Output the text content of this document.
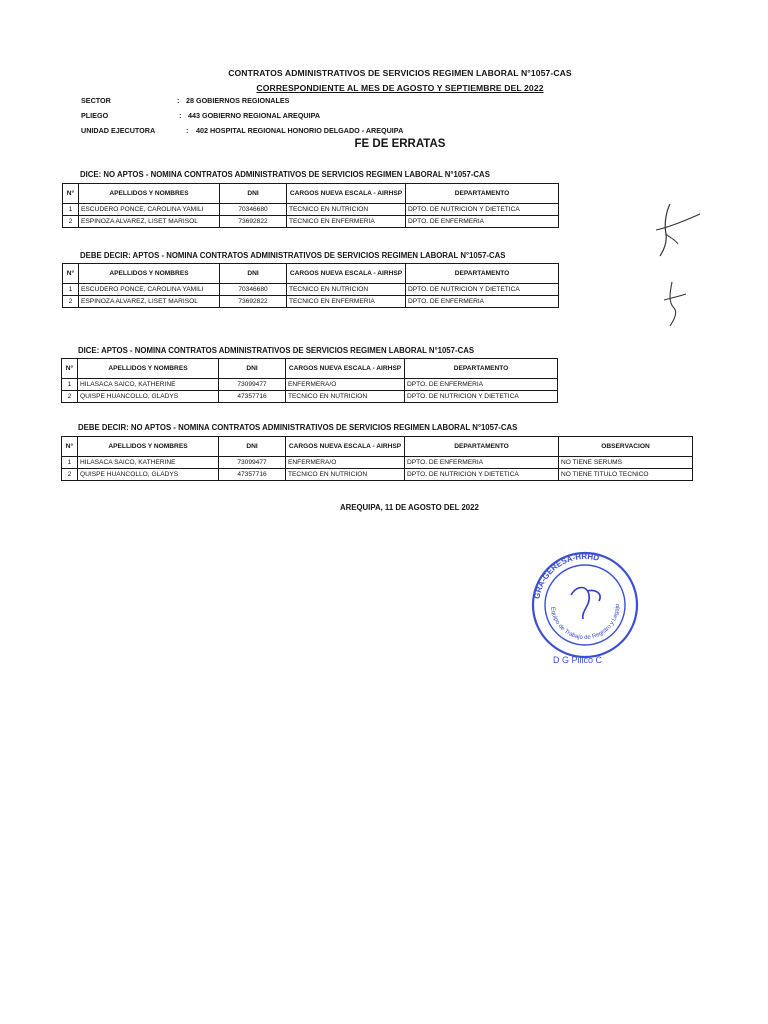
CONTRATOS ADMINISTRATIVOS DE SERVICIOS REGIMEN LABORAL N°1057-CAS
CORRESPONDIENTE AL MES DE AGOSTO Y SEPTIEMBRE DEL 2022
SECTOR	: 28 GOBIERNOS REGIONALES
PLIEGO	: 443 GOBIERNO REGIONAL AREQUIPA
UNIDAD EJECUTORA	: 402 HOSPITAL REGIONAL HONORIO DELGADO - AREQUIPA
FE DE ERRATAS
DICE: NO APTOS - NOMINA CONTRATOS ADMINISTRATIVOS DE SERVICIOS REGIMEN LABORAL N°1057-CAS
N°	APELLIDOS Y NOMBRES	DNI	CARGOS NUEVA ESCALA - AIRHSP	DEPARTAMENTO
1	ESCUDERO PONCE, CAROLINA YAMILI	70346680	TECNICO EN NUTRICION	DPTO. DE NUTRICION Y DIETETICA
2	ESPINOZA ALVAREZ, LISET MARISOL	73692822	TECNICO EN ENFERMERIA	DPTO. DE ENFERMERIA
DEBE DECIR: APTOS - NOMINA CONTRATOS ADMINISTRATIVOS DE SERVICIOS REGIMEN LABORAL N°1057-CAS
N°	APELLIDOS Y NOMBRES	DNI	CARGOS NUEVA ESCALA - AIRHSP	DEPARTAMENTO
1	ESCUDERO PONCE, CAROLINA YAMILI	70346680	TECNICO EN NUTRICION	DPTO. DE NUTRICION Y DIETETICA
2	ESPINOZA ALVAREZ, LISET MARISOL	73692822	TECNICO EN ENFERMERIA	DPTO. DE ENFERMERIA
DICE: APTOS - NOMINA CONTRATOS ADMINISTRATIVOS DE SERVICIOS REGIMEN LABORAL N°1057-CAS
N°	APELLIDOS Y NOMBRES	DNI	CARGOS NUEVA ESCALA - AIRHSP	DEPARTAMENTO
1	HILASACA SAICO, KATHERINE	73099477	ENFERMERA/O	DPTO. DE ENFERMERIA
2	QUISPE HUANCOLLO, GLADYS	47357716	TECNICO EN NUTRICION	DPTO. DE NUTRICION Y DIETETICA
DEBE DECIR: NO APTOS - NOMINA CONTRATOS ADMINISTRATIVOS DE SERVICIOS REGIMEN LABORAL N°1057-CAS
N°	APELLIDOS Y NOMBRES	DNI	CARGOS NUEVA ESCALA - AIRHSP	DEPARTAMENTO	OBSERVACION
1	HILASACA SAICO, KATHERINE	73099477	ENFERMERA/O	DPTO. DE ENFERMERIA	NO TIENE SERUMS
2	QUISPE HUANCOLLO, GLADYS	47357716	TECNICO EN NUTRICION	DPTO. DE NUTRICION Y DIETETICA	NO TIENE TITULO TECNICO
AREQUIPA, 11 DE AGOSTO DEL 2022
GRA-GERESA-HRHD
Equipo de Trabajo de Registro y Legajo
D G Pillco C
